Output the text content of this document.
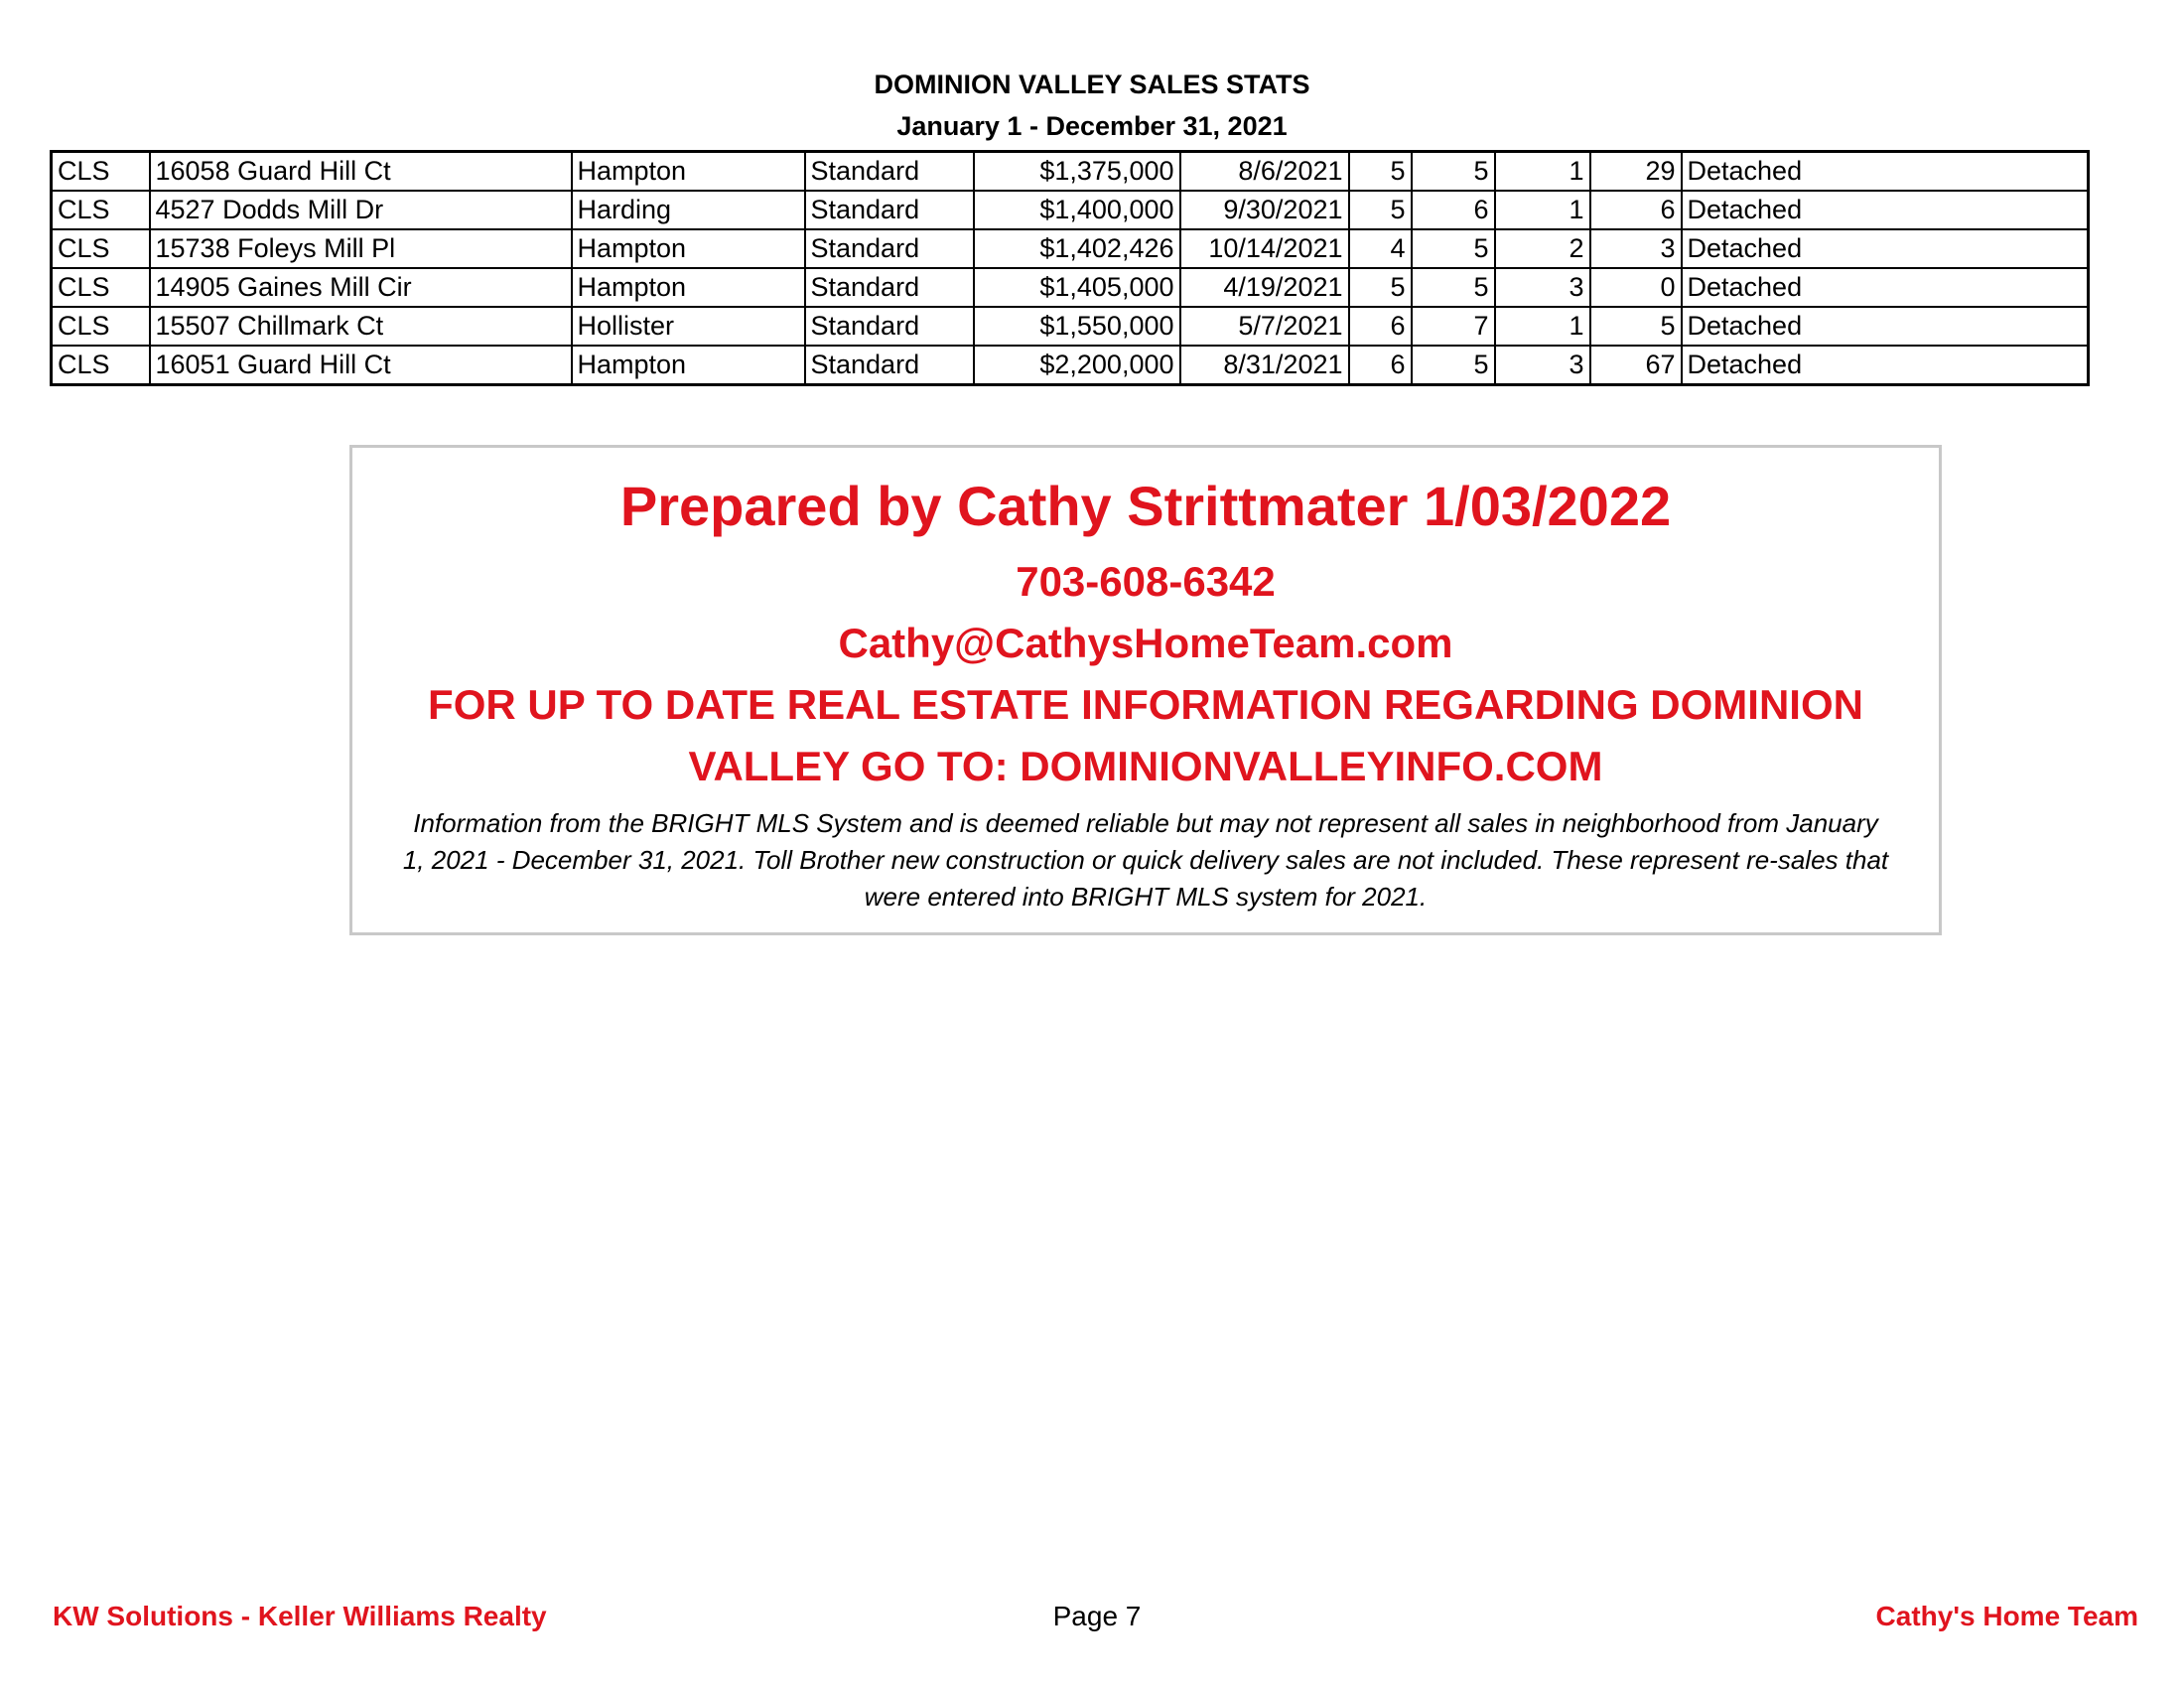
DOMINION VALLEY SALES STATS
January 1 - December 31, 2021
CLS	16058 Guard Hill Ct	Hampton	Standard	$1,375,000	8/6/2021	5	5	1	29	Detached
CLS	4527 Dodds Mill Dr	Harding	Standard	$1,400,000	9/30/2021	5	6	1	6	Detached
CLS	15738 Foleys Mill Pl	Hampton	Standard	$1,402,426	10/14/2021	4	5	2	3	Detached
CLS	14905 Gaines Mill Cir	Hampton	Standard	$1,405,000	4/19/2021	5	5	3	0	Detached
CLS	15507 Chillmark Ct	Hollister	Standard	$1,550,000	5/7/2021	6	7	1	5	Detached
CLS	16051 Guard Hill Ct	Hampton	Standard	$2,200,000	8/31/2021	6	5	3	67	Detached
Prepared by Cathy Strittmater 1/03/2022
703-608-6342
Cathy@CathysHomeTeam.com
FOR UP TO DATE REAL ESTATE INFORMATION REGARDING DOMINION VALLEY GO TO: DOMINIONVALLEYINFO.COM
Information from the BRIGHT MLS System and is deemed reliable but may not represent all sales in neighborhood from January 1, 2021 - December 31, 2021. Toll Brother new construction or quick delivery sales are not included. These represent re-sales that were entered into BRIGHT MLS system for 2021.
KW Solutions - Keller Williams Realty	Page 7	Cathy's Home Team
